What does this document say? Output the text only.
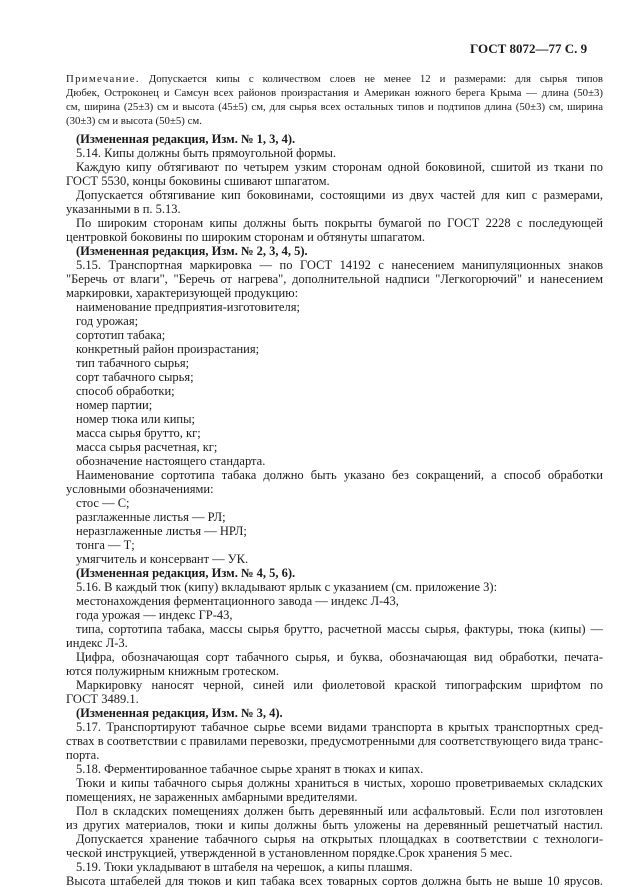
ГОСТ 8072—77 С. 9
Примечание. Допускается кипы с количеством слоев не менее 12 и размерами: для сырья типов
Дюбек, Остроконец и Самсун всех районов произрастания и Американ южного берега Крыма — длина (50±3)
см, ширина (25±3) см и высота (45±5) см, для сырья всех остальных типов и подтипов длина (50±3) см, ширина
(30±3) см и высота (50±5) см.
(Измененная редакция, Изм. № 1, 3, 4).
5.14. Кипы должны быть прямоугольной формы.
Каждую кипу обтягивают по четырем узким сторонам одной боковиной, сшитой из ткани по
ГОСТ 5530, концы боковины сшивают шпагатом.
Допускается обтягивание кип боковинами, состоящими из двух частей для кип с размерами,
указанными в п. 5.13.
По широким сторонам кипы должны быть покрыты бумагой по ГОСТ 2228 с последующей
центровкой боковины по широким сторонам и обтянуты шпагатом.
(Измененная редакция, Изм. № 2, 3, 4, 5).
5.15. Транспортная маркировка — по ГОСТ 14192 с нанесением манипуляционных знаков
"Беречь от влаги", "Беречь от нагрева", дополнительной надписи "Легкогорючий" и нанесением
маркировки, характеризующей продукцию:
наименование предприятия-изготовителя;
год урожая;
сортотип табака;
конкретный район произрастания;
тип табачного сырья;
сорт табачного сырья;
способ обработки;
номер партии;
номер тюка или кипы;
масса сырья брутто, кг;
масса сырья расчетная, кг;
обозначение настоящего стандарта.
Наименование сортотипа табака должно быть указано без сокращений, а способ обработки
условными обозначениями:
стос — С;
разглаженные листья — РЛ;
неразглаженные листья — НРЛ;
тонга — Т;
умягчитель и консервант — УК.
(Измененная редакция, Изм. № 4, 5, 6).
5.16. В каждый тюк (кипу) вкладывают ярлык с указанием (см. приложение 3):
местонахождения ферментационного завода — индекс Л-43,
года урожая — индекс ГР-43,
типа, сортотипа табака, массы сырья брутто, расчетной массы сырья, фактуры, тюка (кипы) —
индекс Л-3.
Цифра, обозначающая сорт табачного сырья, и буква, обозначающая вид обработки, печата-
ются полужирным книжным гротеском.
Маркировку наносят черной, синей или фиолетовой краской типографским шрифтом по
ГОСТ 3489.1.
(Измененная редакция, Изм. № 3, 4).
5.17. Транспортируют табачное сырье всеми видами транспорта в крытых транспортных сред-
ствах в соответствии с правилами перевозки, предусмотренными для соответствующего вида транс-
порта.
5.18. Ферментированное табачное сырье хранят в тюках и кипах.
Тюки и кипы табачного сырья должны храниться в чистых, хорошо проветриваемых складских
помещениях, не зараженных амбарными вредителями.
Пол в складских помещениях должен быть деревянный или асфальтовый. Если пол изготовлен
из других материалов, тюки и кипы должны быть уложены на деревянный решетчатый настил.
Допускается хранение табачного сырья на открытых площадках в соответствии с технологи-
ческой инструкцией, утвержденной в установленном порядке.Срок хранения 5 мес.
5.19. Тюки укладывают в штабеля на черешок, а кипы плашмя.
Высота штабелей для тюков и кип табака всех товарных сортов должна быть не выше 10 ярусов.
